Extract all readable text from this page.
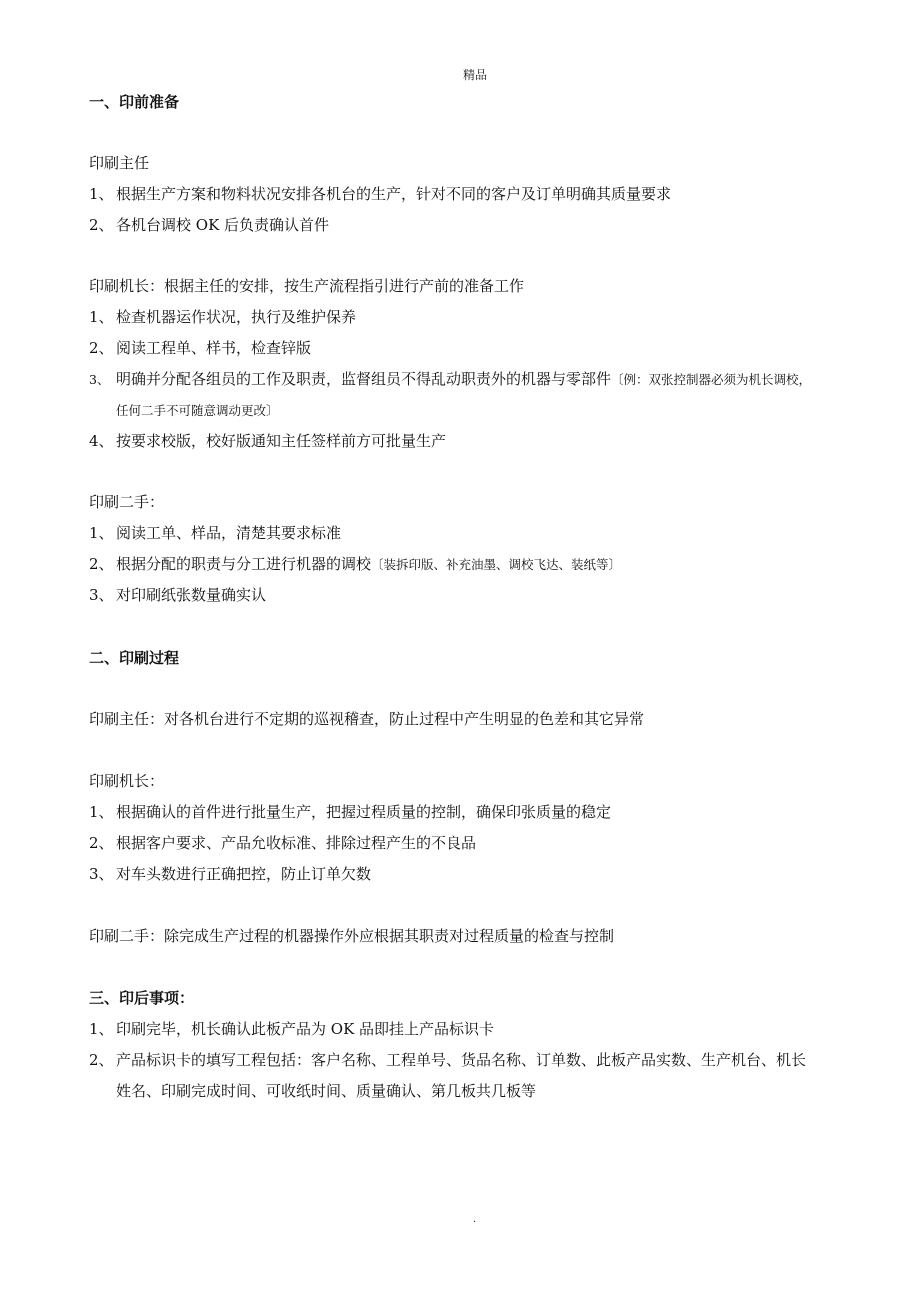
精品
一、印前准备
印刷主任
1、 根据生产方案和物料状况安排各机台的生产，针对不同的客户及订单明确其质量要求
2、 各机台调校 OK 后负责确认首件
印刷机长：根据主任的安排，按生产流程指引进行产前的准备工作
1、 检查机器运作状况，执行及维护保养
2、 阅读工程单、样书，检查锌版
3、 明确并分配各组员的工作及职责，监督组员不得乱动职责外的机器与零部件〔例：双张控制器必须为机长调校，
任何二手不可随意调动更改〕
4、 按要求校版，校好版通知主任签样前方可批量生产
印刷二手：
1、 阅读工单、样品，清楚其要求标准
2、 根据分配的职责与分工进行机器的调校〔装拆印版、补充油墨、调校飞达、装纸等〕
3、 对印刷纸张数量确实认
二、印刷过程
印刷主任：对各机台进行不定期的巡视稽查，防止过程中产生明显的色差和其它异常
印刷机长：
1、 根据确认的首件进行批量生产，把握过程质量的控制，确保印张质量的稳定
2、 根据客户要求、产品允收标准、排除过程产生的不良品
3、 对车头数进行正确把控，防止订单欠数
印刷二手：除完成生产过程的机器操作外应根据其职责对过程质量的检查与控制
三、印后事项：
1、 印刷完毕，机长确认此板产品为 OK 品即挂上产品标识卡
2、 产品标识卡的填写工程包括：客户名称、工程单号、货品名称、订单数、此板产品实数、生产机台、机长
姓名、印刷完成时间、可收纸时间、质量确认、第几板共几板等
.
